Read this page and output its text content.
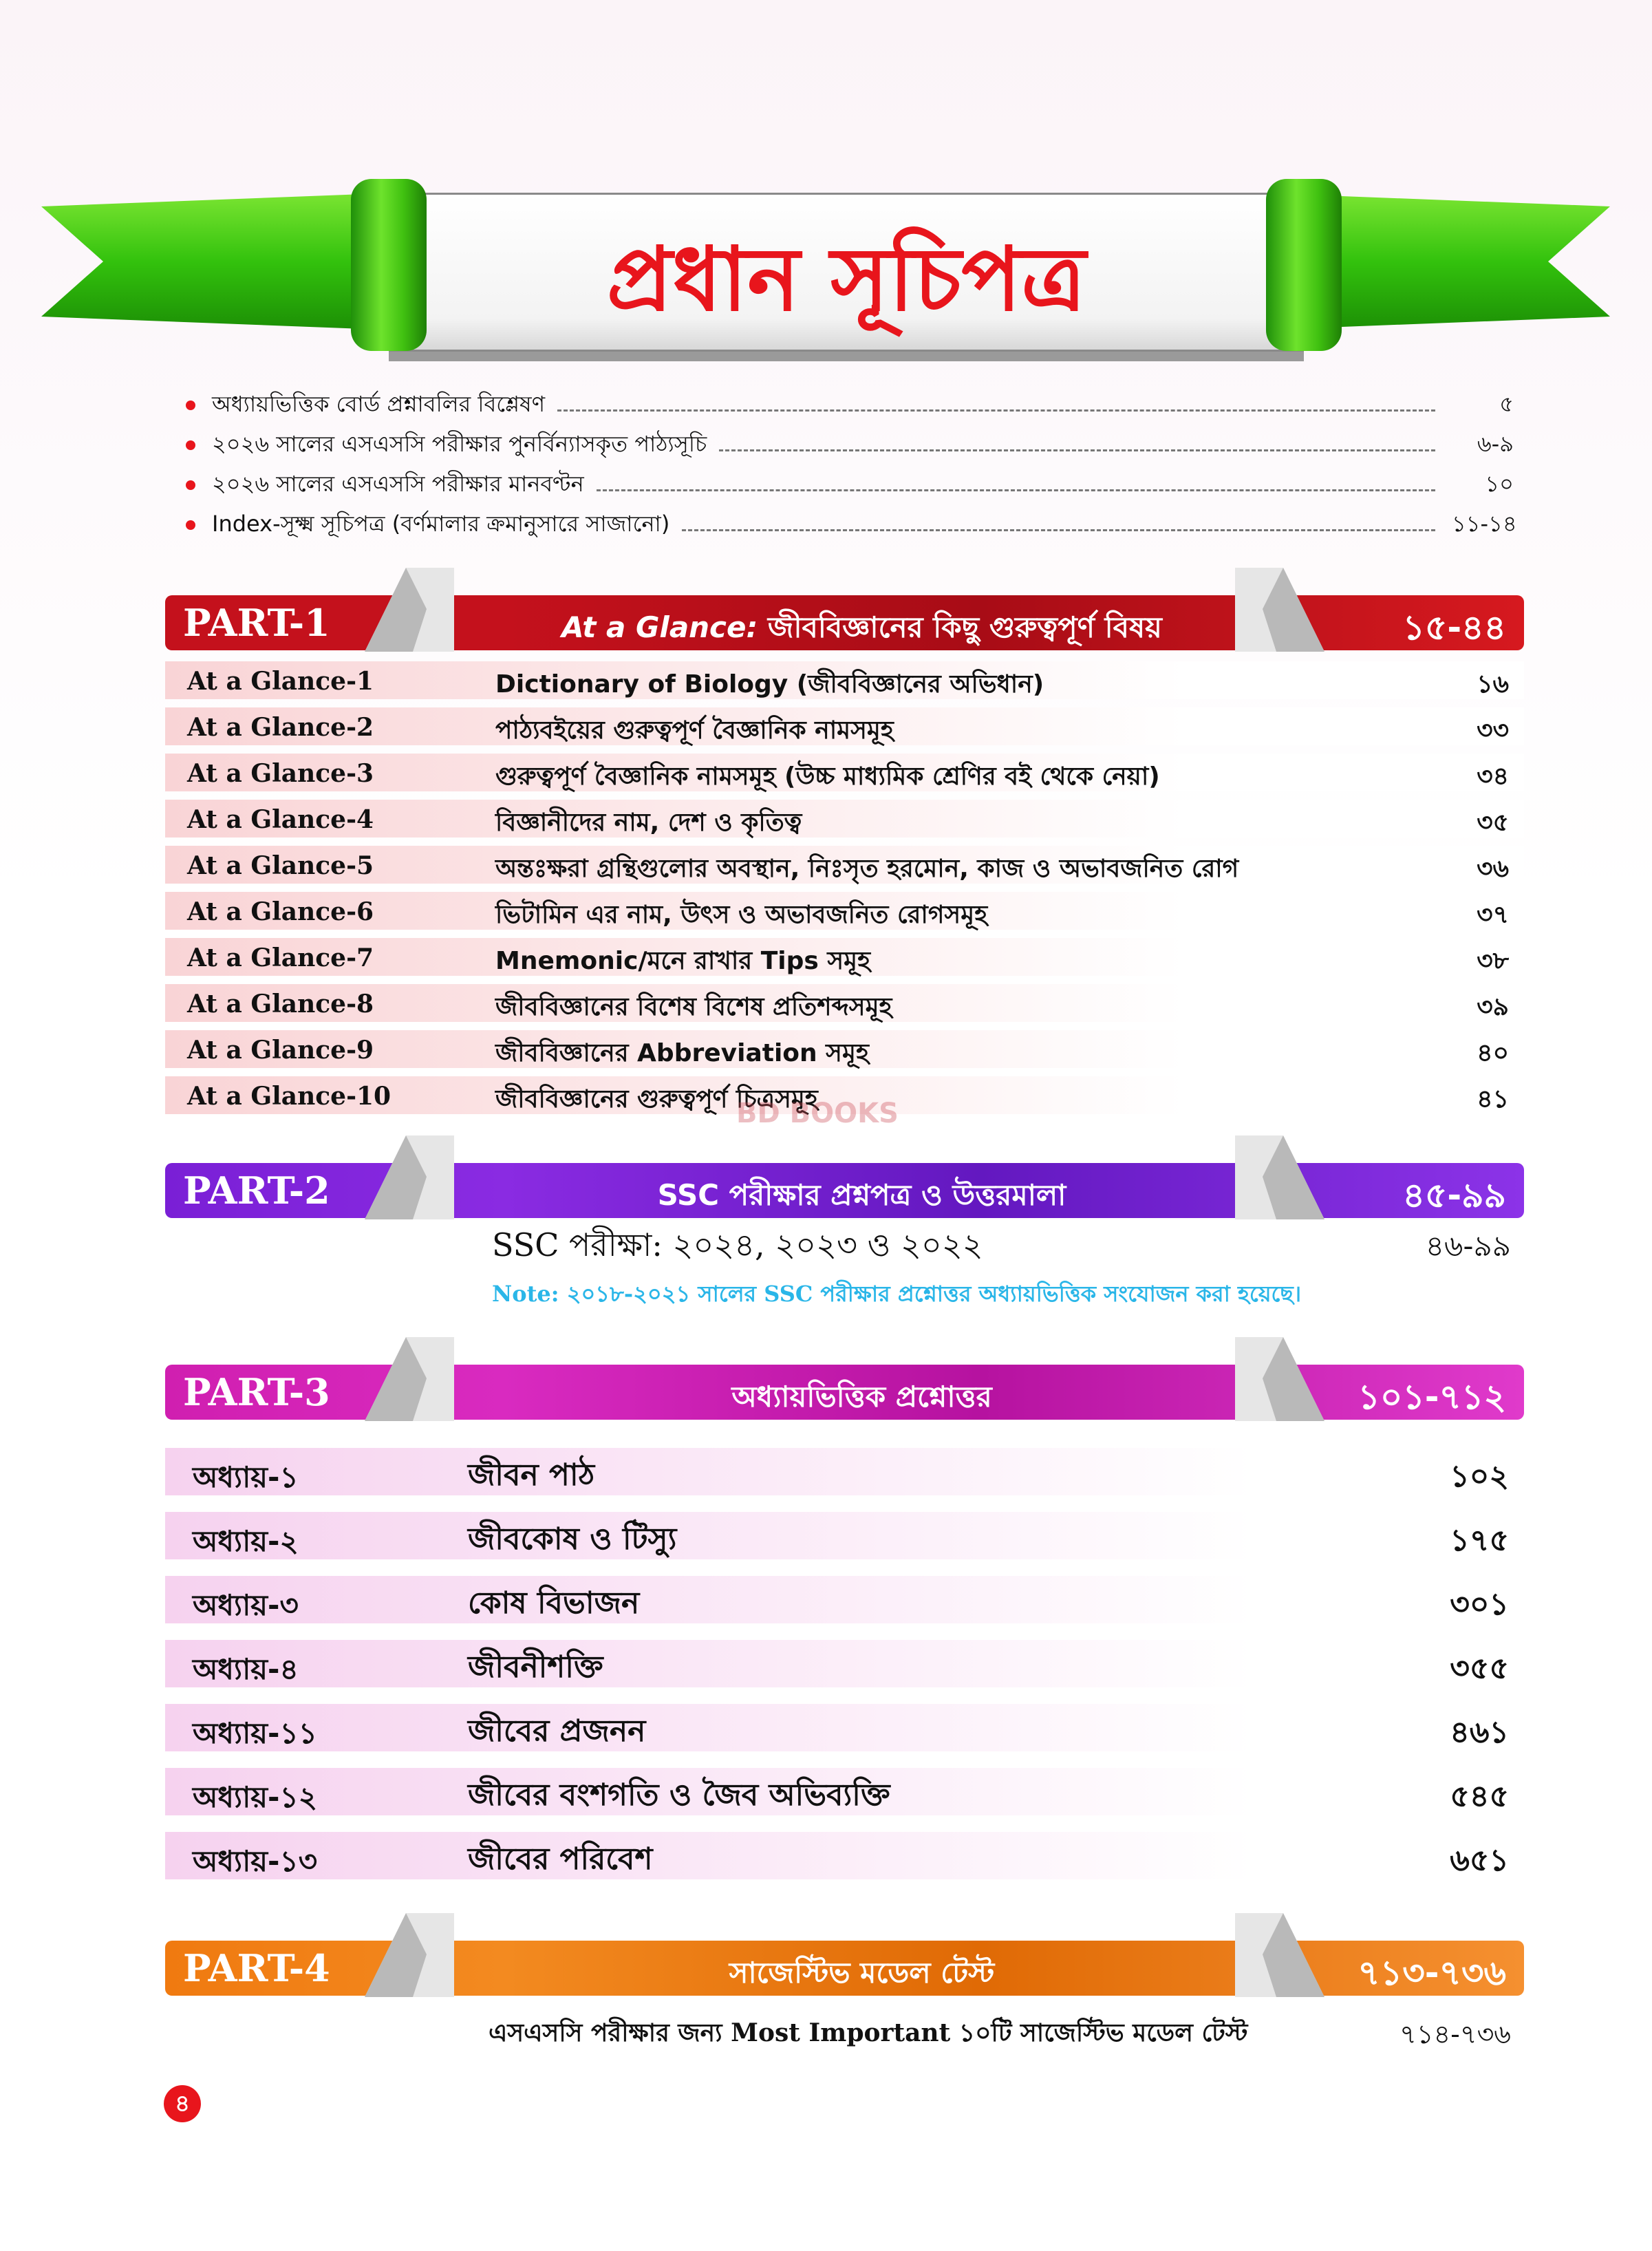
প্রধান সূচিপত্র
অধ্যায়ভিত্তিক বোর্ড প্রশ্নাবলির বিশ্লেষণ	৫
২০২৬ সালের এসএসসি পরীক্ষার পুনর্বিন্যাসকৃত পাঠ্যসূচি	৬-৯
২০২৬ সালের এসএসসি পরীক্ষার মানবণ্টন	১০
Index-সূক্ষ্ম সূচিপত্র (বর্ণমালার ক্রমানুসারে সাজানো)	১১-১৪
PART-1	At a Glance: জীববিজ্ঞানের কিছু গুরুত্বপূর্ণ বিষয়	১৫-৪৪
At a Glance-1	Dictionary of Biology (জীববিজ্ঞানের অভিধান)	১৬
At a Glance-2	পাঠ্যবইয়ের গুরুত্বপূর্ণ বৈজ্ঞানিক নামসমূহ	৩৩
At a Glance-3	গুরুত্বপূর্ণ বৈজ্ঞানিক নামসমূহ (উচ্চ মাধ্যমিক শ্রেণির বই থেকে নেয়া)	৩৪
At a Glance-4	বিজ্ঞানীদের নাম, দেশ ও কৃতিত্ব	৩৫
At a Glance-5	অন্তঃক্ষরা গ্রন্থিগুলোর অবস্থান, নিঃসৃত হরমোন, কাজ ও অভাবজনিত রোগ	৩৬
At a Glance-6	ভিটামিন এর নাম, উৎস ও অভাবজনিত রোগসমূহ	৩৭
At a Glance-7	Mnemonic/মনে রাখার Tips সমূহ	৩৮
At a Glance-8	জীববিজ্ঞানের বিশেষ বিশেষ প্রতিশব্দসমূহ	৩৯
At a Glance-9	জীববিজ্ঞানের Abbreviation সমূহ	৪০
At a Glance-10	জীববিজ্ঞানের গুরুত্বপূর্ণ চিত্রসমূহ	৪১
BD BOOKS
PART-2	SSC পরীক্ষার প্রশ্নপত্র ও উত্তরমালা	৪৫-৯৯
SSC পরীক্ষা: ২০২৪, ২০২৩ ও ২০২২	৪৬-৯৯
Note: ২০১৮-২০২১ সালের SSC পরীক্ষার প্রশ্নোত্তর অধ্যায়ভিত্তিক সংযোজন করা হয়েছে।
PART-3	অধ্যায়ভিত্তিক প্রশ্নোত্তর	১০১-৭১২
অধ্যায়-১	জীবন পাঠ	১০২
অধ্যায়-২	জীবকোষ ও টিস্যু	১৭৫
অধ্যায়-৩	কোষ বিভাজন	৩০১
অধ্যায়-৪	জীবনীশক্তি	৩৫৫
অধ্যায়-১১	জীবের প্রজনন	৪৬১
অধ্যায়-১২	জীবের বংশগতি ও জৈব অভিব্যক্তি	৫৪৫
অধ্যায়-১৩	জীবের পরিবেশ	৬৫১
PART-4	সাজেস্টিভ মডেল টেস্ট	৭১৩-৭৩৬
এসএসসি পরীক্ষার জন্য Most Important ১০টি সাজেস্টিভ মডেল টেস্ট	৭১৪-৭৩৬
৪
